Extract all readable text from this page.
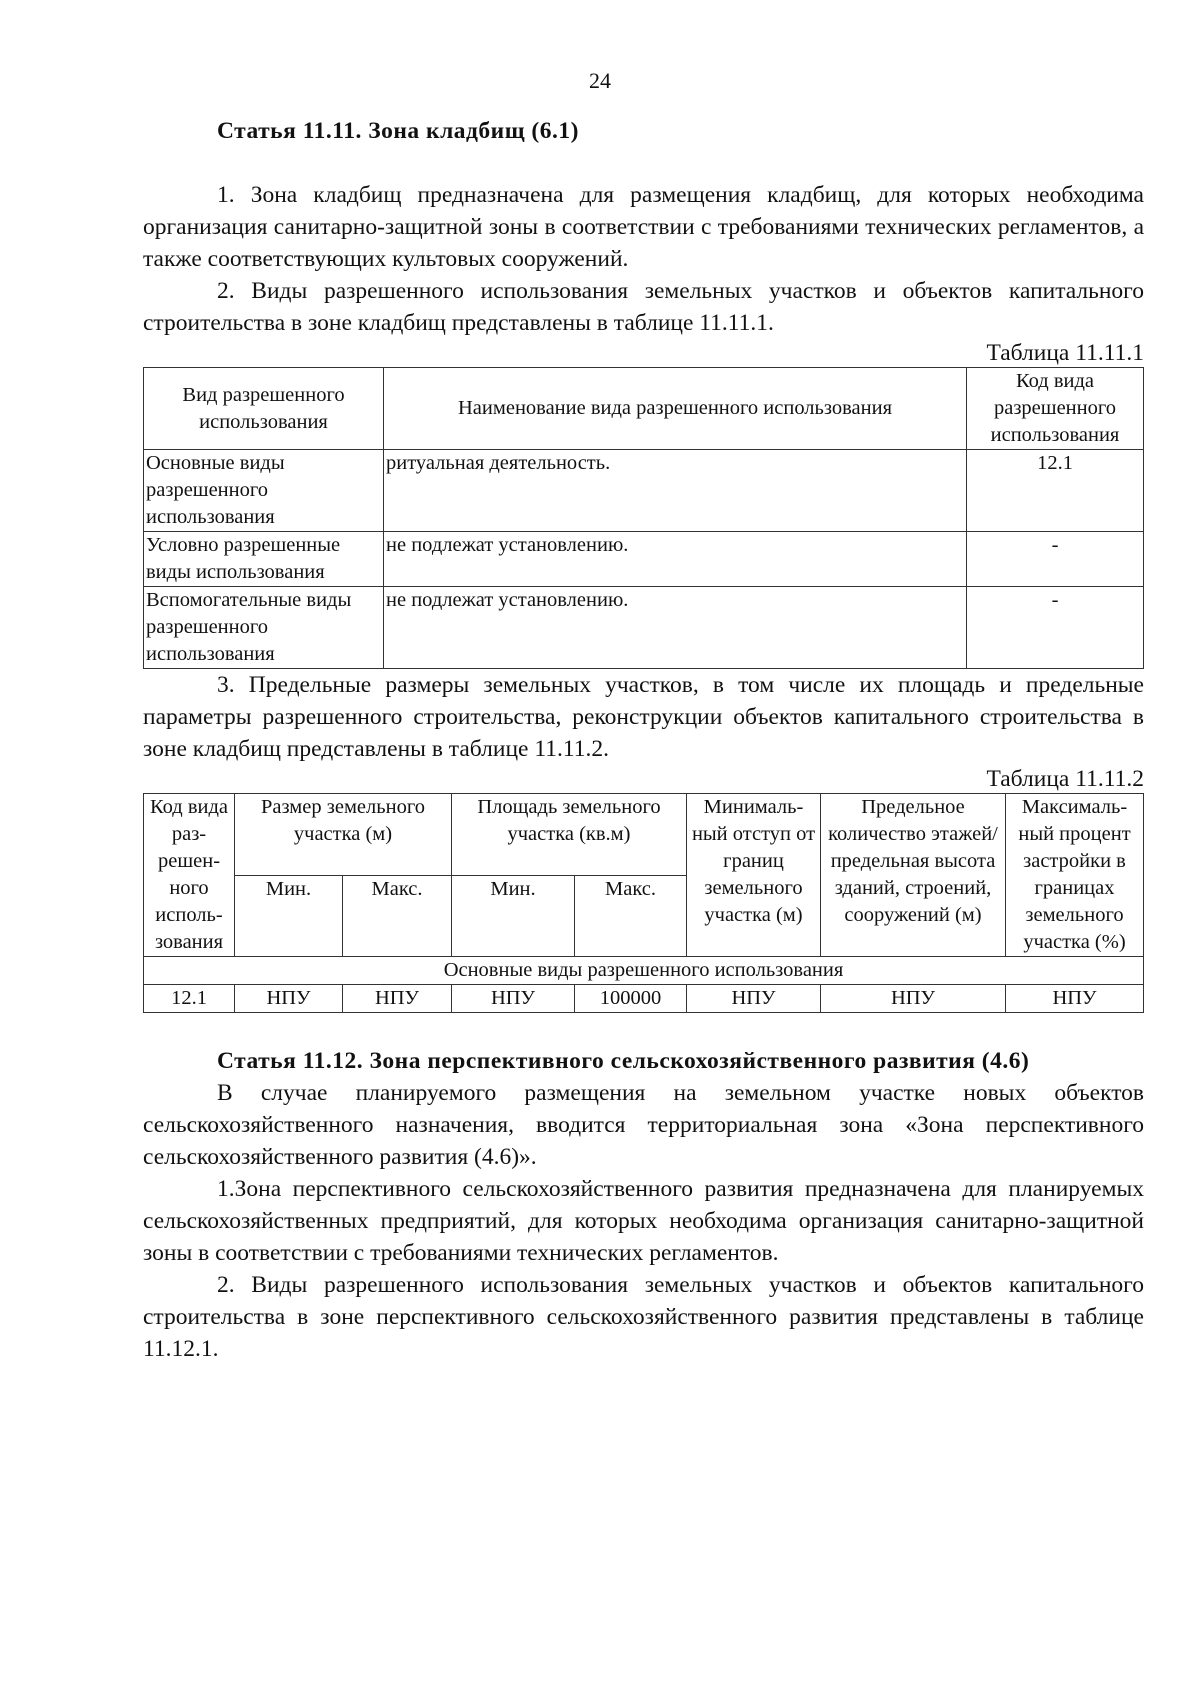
24

Статья 11.11. Зона кладбищ (6.1)

1. Зона кладбищ предназначена для размещения кладбищ, для которых необходима организация санитарно-защитной зоны в соответствии с требованиями технических регламентов, а также соответствующих культовых сооружений.

2. Виды разрешенного использования земельных участков и объектов капитального строительства в зоне кладбищ представлены в таблице 11.11.1.

Таблица 11.11.1

Вид разрешенного использования	Наименование вида разрешенного использования	Код вида разрешенного использования
Основные виды разрешенного использования	ритуальная деятельность.	12.1
Условно разрешенные виды использования	не подлежат установлению.	-
Вспомогательные виды разрешенного использования	не подлежат установлению.	-

3. Предельные размеры земельных участков, в том числе их площадь и предельные параметры разрешенного строительства, реконструкции объектов капитального строительства в зоне кладбищ представлены в таблице 11.11.2.

Таблица 11.11.2

Код вида раз-решен-ного исполь-зования	Размер земельного участка (м)		Площадь земельного участка (кв.м)		Минималь-ный отступ от границ земельного участка (м)	Предельное количество этажей/ предельная высота зданий, строений, сооружений (м)	Максималь-ный процент застройки в границах земельного участка (%)
	Мин.	Макс.	Мин.	Макс.			
Основные виды разрешенного использования							
12.1	НПУ	НПУ	НПУ	100000	НПУ	НПУ	НПУ

Статья 11.12. Зона перспективного сельскохозяйственного развития (4.6)

В случае планируемого размещения на земельном участке новых объектов сельскохозяйственного назначения, вводится территориальная зона «Зона перспективного сельскохозяйственного развития (4.6)».

1.Зона перспективного сельскохозяйственного развития предназначена для планируемых сельскохозяйственных предприятий, для которых необходима организация санитарно-защитной зоны в соответствии с требованиями технических регламентов.

2. Виды разрешенного использования земельных участков и объектов капитального строительства в зоне перспективного сельскохозяйственного развития представлены в таблице 11.12.1.
